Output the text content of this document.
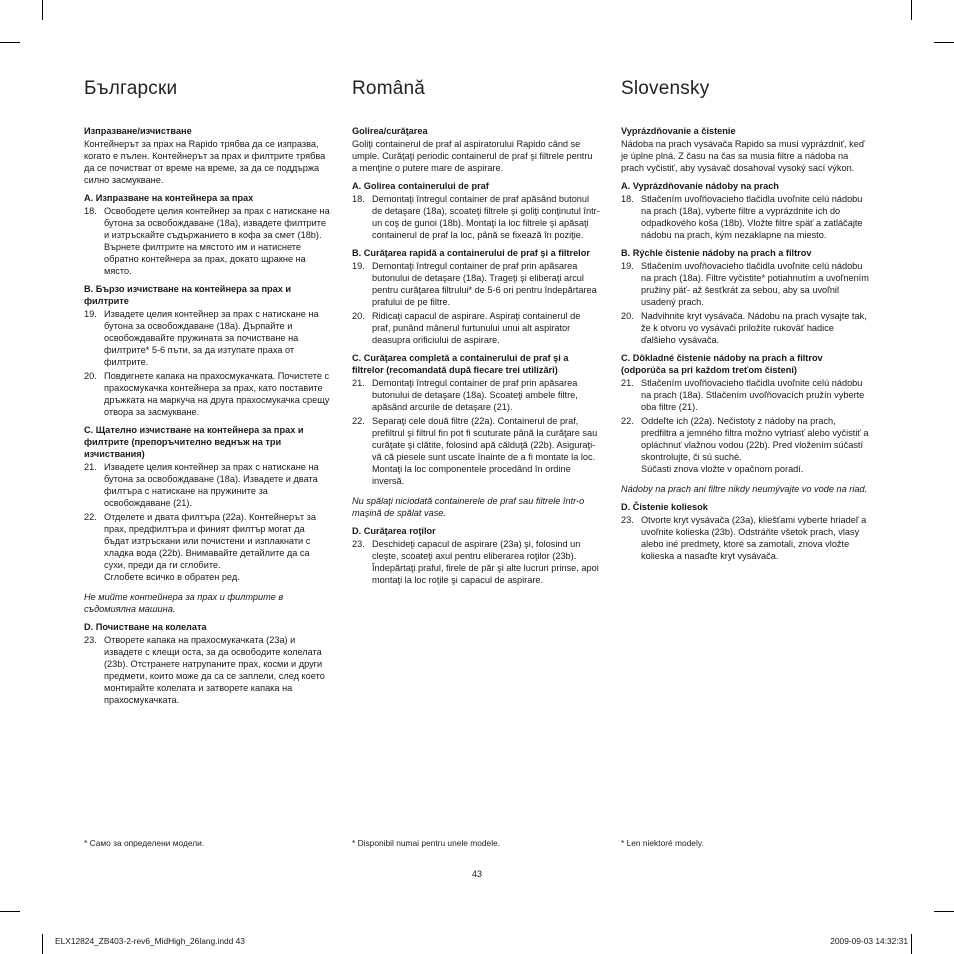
Български
Изпразване/изчистване
Контейнерът за прах на Rapido трябва да се изпразва, когато е пълен. Контейнерът за прах и филтрите трябва да се почистват от време на време, за да се поддържа силно засмукване.
A. Изпразване на контейнера за прах
18. Освободете целия контейнер за прах с натискане на бутона за освобождаване (18a), извадете филтрите и изтръскайте съдържанието в кофа за смет (18b). Върнете филтрите на мястото им и натиснете обратно контейнера за прах, докато щракне на място.
B. Бързо изчистване на контейнера за прах и филтрите
19. Извадете целия контейнер за прах с натискане на бутона за освобождаване (18a). Дърпайте и освобождавайте пружината за почистване на филтрите* 5-6 пъти, за да изтупате праха от филтрите.
20. Повдигнете капака на прахосмукачката. Почистете с прахосмукачка контейнера за прах, като поставите дръжката на маркуча на друга прахосмукачка срещу отвора за засмукване.
C. Щателно изчистване на контейнера за прах и филтрите (препоръчително веднъж на три изчиствания)
21. Извадете целия контейнер за прах с натискане на бутона за освобождаване (18a). Извадете и двата филтъра с натискане на пружините за освобождаване (21).
22. Отделете и двата филтъра (22a). Контейнерът за прах, предфилтъра и финият филтър могат да бъдат изтръскани или почистени и изплакнати с хладка вода (22b). Внимавайте детайлите да са сухи, преди да ги сглобите.
Сглобете всичко в обратен ред.
Не мийте контейнера за прах и филтрите в съдомиялна машина.
D. Почистване на колелата
23. Отворете капака на прахосмукачката (23a) и извадете с клещи оста, за да освободите колелата (23b). Отстранете натрупаните прах, косми и други предмети, които може да са се заплели, след което монтирайте колелата и затворете капака на прахосмукачката.
Română
Golirea/curăţarea
Goliţi containerul de praf al aspiratorului Rapido când se umple. Curăţaţi periodic containerul de praf şi filtrele pentru a menţine o putere mare de aspirare.
A. Golirea containerului de praf
18. Demontaţi întregul container de praf apăsând butonul de detaşare (18a), scoateţi filtrele şi goliţi conţinutul într-un coş de gunoi (18b). Montaţi la loc filtrele şi apăsaţi containerul de praf la loc, până se fixează în poziţie.
B. Curăţarea rapidă a containerului de praf şi a filtrelor
19. Demontaţi întregul container de praf prin apăsarea butonului de detaşare (18a). Trageţi şi eliberaţi arcul pentru curăţarea filtrului* de 5-6 ori pentru îndepărtarea prafului de pe filtre.
20. Ridicaţi capacul de aspirare. Aspiraţi containerul de praf, punând mânerul furtunului unui alt aspirator deasupra orificiului de aspirare.
C. Curăţarea completă a containerului de praf şi a filtrelor (recomandată după fiecare trei utilizări)
21. Demontaţi întregul container de praf prin apăsarea butonului de detaşare (18a). Scoateţi ambele filtre, apăsând arcurile de detaşare (21).
22. Separaţi cele două filtre (22a). Containerul de praf, prefiltrul şi filtrul fin pot fi scuturate până la curăţare sau curăţate şi clătite, folosind apă călduţă (22b). Asiguraţi-vă că piesele sunt uscate înainte de a fi montate la loc.
Montaţi la loc componentele procedând în ordine inversă.
Nu spălaţi niciodată containerele de praf sau filtrele într-o maşină de spălat vase.
D. Curăţarea roţilor
23. Deschideţi capacul de aspirare (23a) şi, folosind un cleşte, scoateţi axul pentru eliberarea roţilor (23b). Îndepărtaţi praful, firele de păr şi alte lucruri prinse, apoi montaţi la loc roţile şi capacul de aspirare.
Slovensky
Vyprázdňovanie a čistenie
Nádoba na prach vysávača Rapido sa musí vyprázdniť, keď je úplne plná. Z času na čas sa musia filtre a nádoba na prach vyčistiť, aby vysávač dosahoval vysoký sací výkon.
A. Vyprázdňovanie nádoby na prach
18. Stlačením uvoľňovacieho tlačidla uvoľnite celú nádobu na prach (18a), vyberte filtre a vyprázdnite ich do odpadkového koša (18b). Vložte filtre späť a zatláčajte nádobu na prach, kým nezaklapne na miesto.
B. Rýchle čistenie nádoby na prach a filtrov
19. Stlačením uvoľňovacieho tlačidla uvoľnite celú nádobu na prach (18a). Filtre vyčistite* potiahnutím a uvoľnením pružiny päť- až šesťkrát za sebou, aby sa uvoľnil usadený prach.
20. Nadvihnite kryt vysávača. Nádobu na prach vysajte tak, že k otvoru vo vysávači priložíte rukoväť hadice ďalšieho vysávača.
C. Dôkladné čistenie nádoby na prach a filtrov (odporúča sa pri každom treťom čistení)
21. Stlačením uvoľňovacieho tlačidla uvoľnite celú nádobu na prach (18a). Stlačením uvoľňovacích pružín vyberte oba filtre (21).
22. Oddeľte ich (22a). Nečistoty z nádoby na prach, predfiltra a jemného filtra možno vytriasť alebo vyčistiť a opláchnuť vlažnou vodou (22b). Pred vložením súčastí skontrolujte, či sú suché.
Súčasti znova vložte v opačnom poradí.
Nádoby na prach ani filtre nikdy neumývajte vo vode na riad.
D. Čistenie koliesok
23. Otvorte kryt vysávača (23a), kliešťami vyberte hriadeľ a uvoľnite kolieska (23b). Odstráňte všetok prach, vlasy alebo iné predmety, ktoré sa zamotali, znova vložte kolieska a nasaďte kryt vysávača.
* Само за определени модели.	* Disponibil numai pentru unele modele.	* Len niektoré modely.
43
ELX12824_ZB403-2-rev6_MidHigh_26lang.indd 43	2009-09-03 14:32:31
